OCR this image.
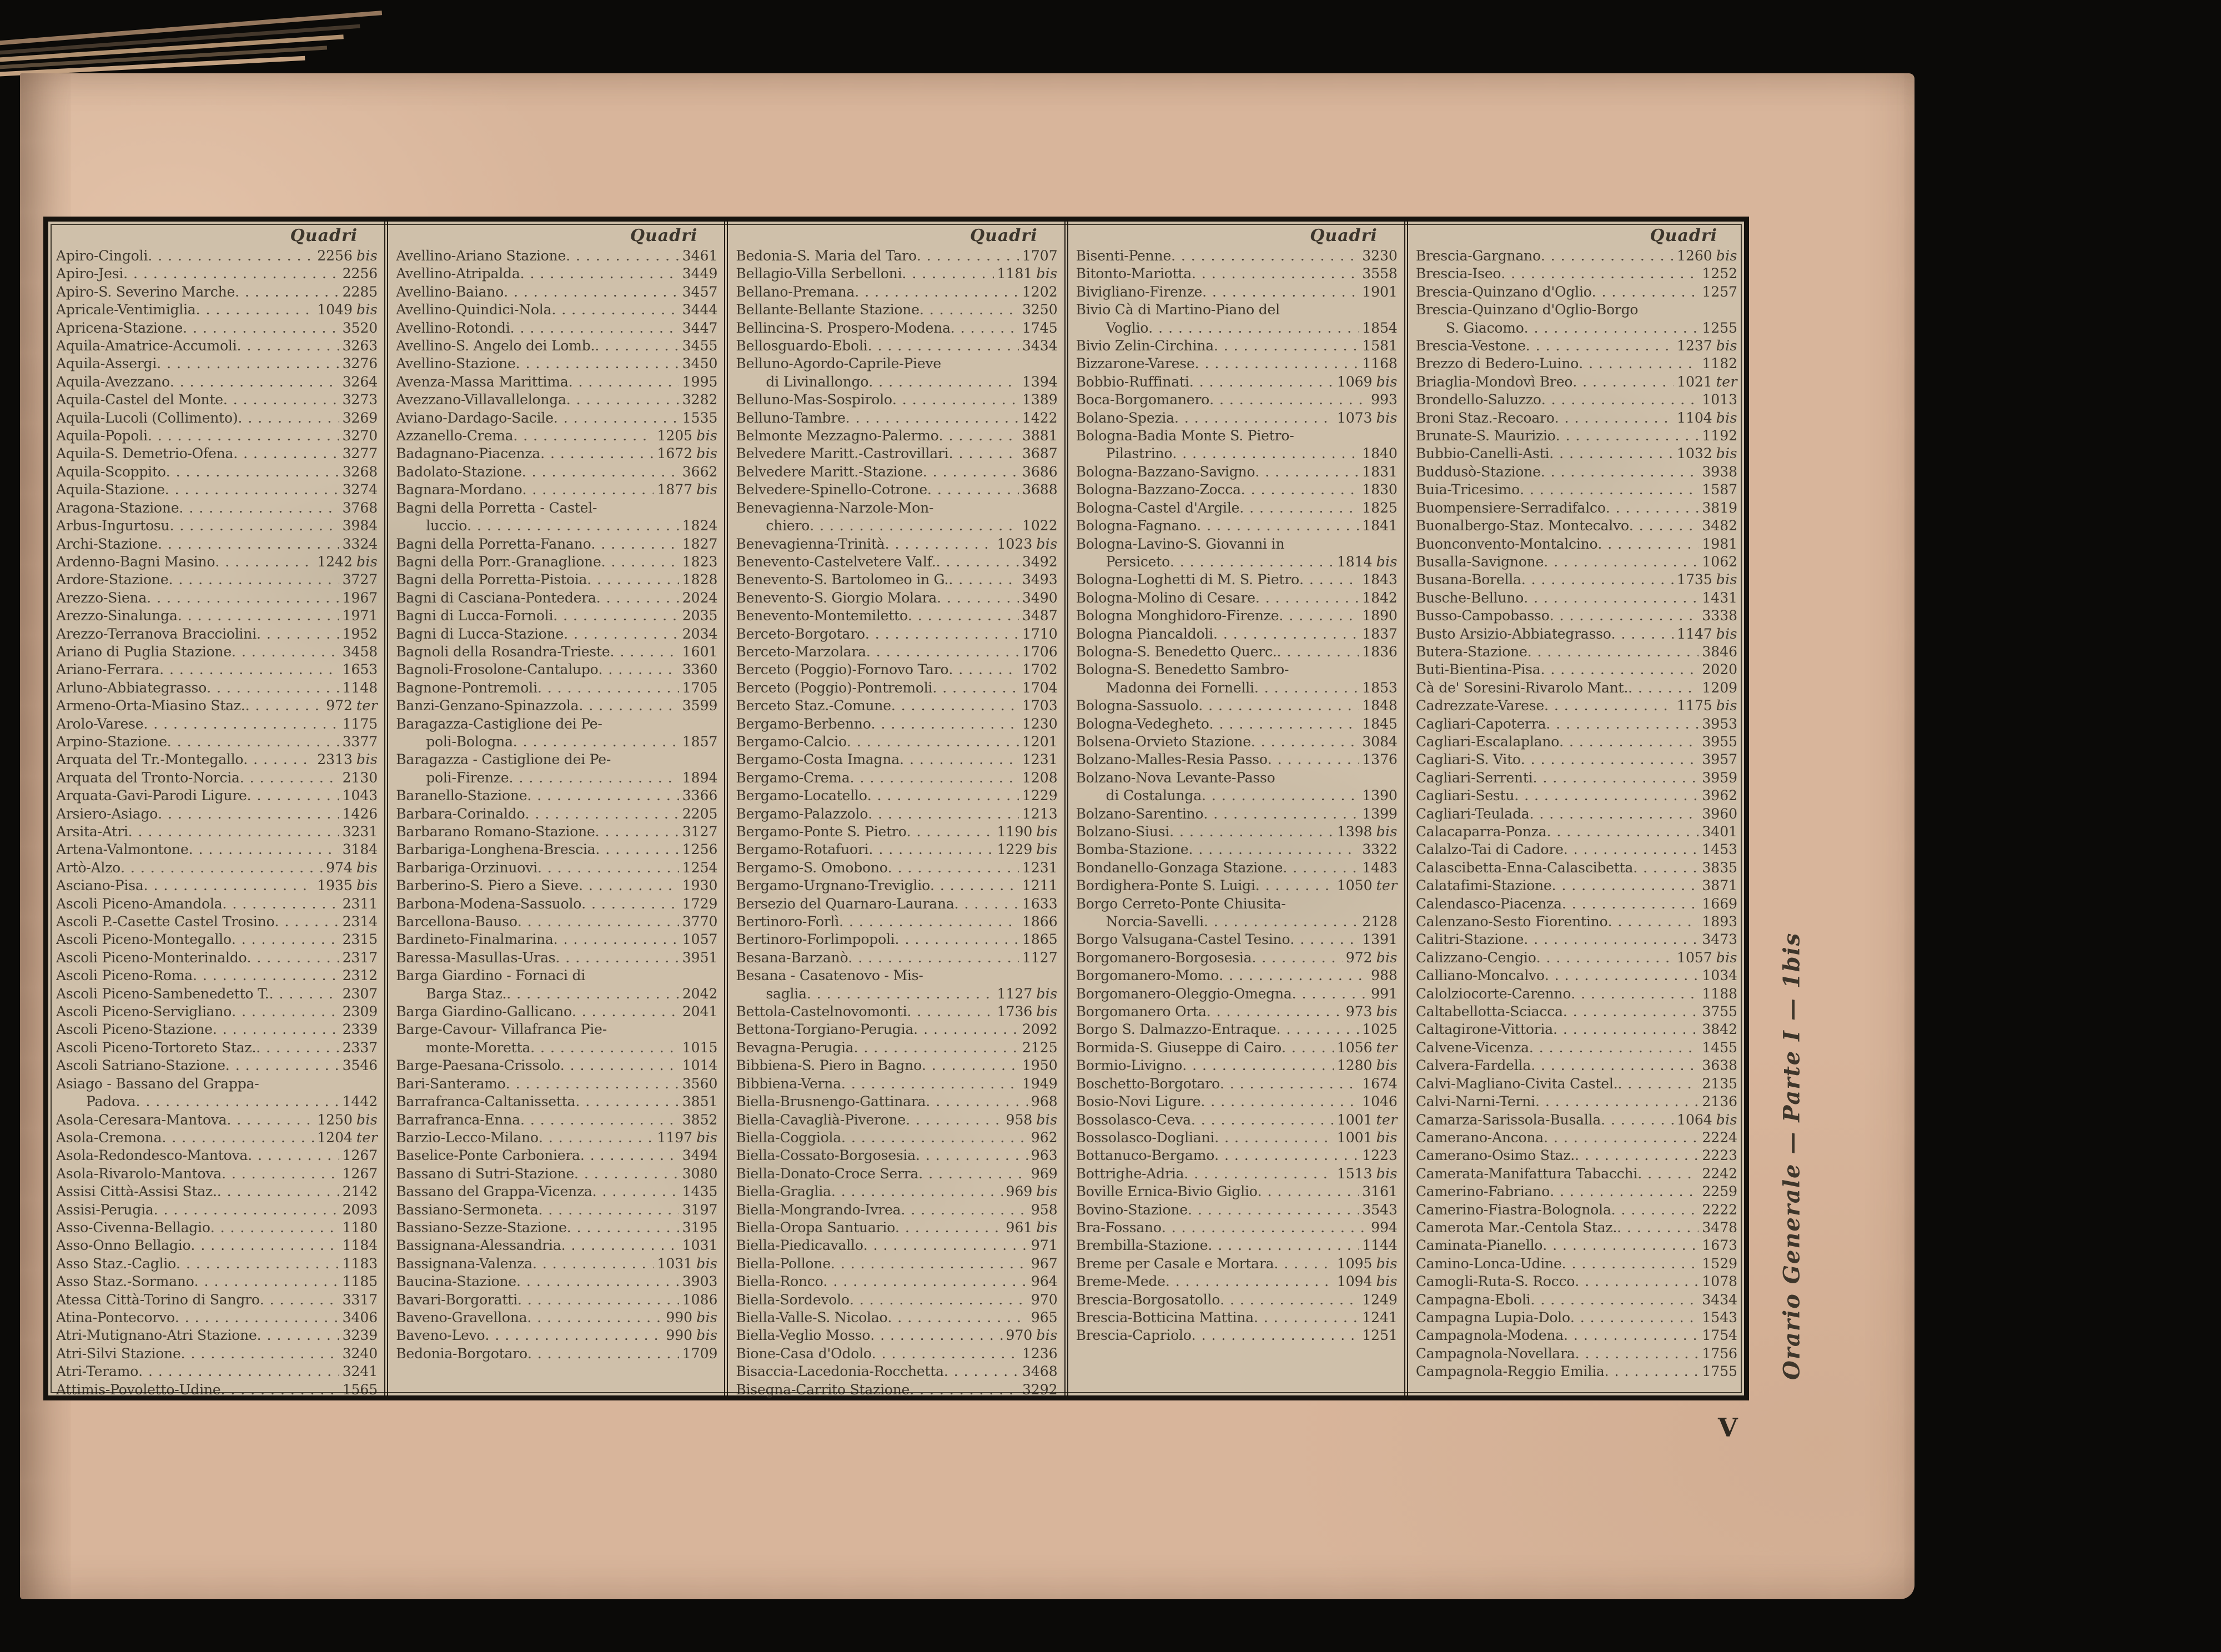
Quadri
Apiro-Cingoli . . .	2256 bis
Apiro-Jesi . . .	2256
Apiro-S. Severino Marche . . .	2285
Apricale-Ventimiglia . . .	1049 bis
Apricena-Stazione . . .	3520
Aquila-Amatrice-Accumoli . . .	3263
Aquila-Assergi . . .	3276
Aquila-Avezzano . . .	3264
Aquila-Castel del Monte . . .	3273
Aquila-Lucoli (Collimento) . . .	3269
Aquila-Popoli . . .	3270
Aquila-S. Demetrio-Ofena . . .	3277
Aquila-Scoppito . . .	3268
Aquila-Stazione . . .	3274
Aragona-Stazione . . .	3768
Arbus-Ingurtosu . . .	3984
Archi-Stazione . . .	3324
Ardenno-Bagni Masino . . .	1242 bis
Ardore-Stazione . . .	3727
Arezzo-Siena . . .	1967
Arezzo-Sinalunga . . .	1971
Arezzo-Terranova Bracciolini . . .	1952
Ariano di Puglia Stazione . . .	3458
Ariano-Ferrara . . .	1653
Arluno-Abbiategrasso . . .	1148
Armeno-Orta-Miasino Staz. . . .	972 ter
Arolo-Varese . . .	1175
Arpino-Stazione . . .	3377
Arquata del Tr.-Montegallo . . .	2313 bis
Arquata del Tronto-Norcia . . .	2130
Arquata-Gavi-Parodi Ligure . . .	1043
Arsiero-Asiago . . .	1426
Arsita-Atri . . .	3231
Artena-Valmontone . . .	3184
Artò-Alzo . . .	974 bis
Asciano-Pisa . . .	1935 bis
Ascoli Piceno-Amandola . . .	2311
Ascoli P.-Casette Castel Trosino . . .	2314
Ascoli Piceno-Montegallo . . .	2315
Ascoli Piceno-Monterinaldo . . .	2317
Ascoli Piceno-Roma . . .	2312
Ascoli Piceno-Sambenedetto T. . . .	2307
Ascoli Piceno-Servigliano . . .	2309
Ascoli Piceno-Stazione . . .	2339
Ascoli Piceno-Tortoreto Staz. . . .	2337
Ascoli Satriano-Stazione . . .	3546
Asiago - Bassano del Grappa-
Padova . . .	1442
Asola-Ceresara-Mantova . . .	1250 bis
Asola-Cremona . . .	1204 ter
Asola-Redondesco-Mantova . . .	1267
Asola-Rivarolo-Mantova . . .	1267
Assisi Città-Assisi Staz. . . .	2142
Assisi-Perugia . . .	2093
Asso-Civenna-Bellagio . . .	1180
Asso-Onno Bellagio . . .	1184
Asso Staz.-Caglio . . .	1183
Asso Staz.-Sormano . . .	1185
Atessa Città-Torino di Sangro . . .	3317
Atina-Pontecorvo . . .	3406
Atri-Mutignano-Atri Stazione . . .	3239
Atri-Silvi Stazione . . .	3240
Atri-Teramo . . .	3241
Attimis-Povoletto-Udine . . .	1565
Quadri
Avellino-Ariano Stazione . . .	3461
Avellino-Atripalda . . .	3449
Avellino-Baiano . . .	3457
Avellino-Quindici-Nola . . .	3444
Avellino-Rotondi . . .	3447
Avellino-S. Angelo dei Lomb. . . .	3455
Avellino-Stazione . . .	3450
Avenza-Massa Marittima . . .	1995
Avezzano-Villavallelonga . . .	3282
Aviano-Dardago-Sacile . . .	1535
Azzanello-Crema . . .	1205 bis
Badagnano-Piacenza . . .	1672 bis
Badolato-Stazione . . .	3662
Bagnara-Mordano . . .	1877 bis
Bagni della Porretta - Castel-
luccio . . .	1824
Bagni della Porretta-Fanano . . .	1827
Bagni della Porr.-Granaglione . . .	1823
Bagni della Porretta-Pistoia . . .	1828
Bagni di Casciana-Pontedera . . .	2024
Bagni di Lucca-Fornoli . . .	2035
Bagni di Lucca-Stazione . . .	2034
Bagnoli della Rosandra-Trieste . . .	1601
Bagnoli-Frosolone-Cantalupo . . .	3360
Bagnone-Pontremoli . . .	1705
Banzi-Genzano-Spinazzola . . .	3599
Baragazza-Castiglione dei Pe-
poli-Bologna . . .	1857
Baragazza - Castiglione dei Pe-
poli-Firenze . . .	1894
Baranello-Stazione . . .	3366
Barbara-Corinaldo . . .	2205
Barbarano Romano-Stazione . . .	3127
Barbariga-Longhena-Brescia . . .	1256
Barbariga-Orzinuovi . . .	1254
Barberino-S. Piero a Sieve . . .	1930
Barbona-Modena-Sassuolo . . .	1729
Barcellona-Bauso . . .	3770
Bardineto-Finalmarina . . .	1057
Baressa-Masullas-Uras . . .	3951
Barga Giardino - Fornaci di
Barga Staz. . . .	2042
Barga Giardino-Gallicano . . .	2041
Barge-Cavour- Villafranca Pie-
monte-Moretta . . .	1015
Barge-Paesana-Crissolo . . .	1014
Bari-Santeramo . . .	3560
Barrafranca-Caltanissetta . . .	3851
Barrafranca-Enna . . .	3852
Barzio-Lecco-Milano . . .	1197 bis
Baselice-Ponte Carboniera . . .	3494
Bassano di Sutri-Stazione . . .	3080
Bassano del Grappa-Vicenza . . .	1435
Bassiano-Sermoneta . . .	3197
Bassiano-Sezze-Stazione . . .	3195
Bassignana-Alessandria . . .	1031
Bassignana-Valenza . . .	1031 bis
Baucina-Stazione . . .	3903
Bavari-Borgoratti . . .	1086
Baveno-Gravellona . . .	990 bis
Baveno-Levo . . .	990 bis
Bedonia-Borgotaro . . .	1709
Quadri
Bedonia-S. Maria del Taro . . .	1707
Bellagio-Villa Serbelloni . . .	1181 bis
Bellano-Premana . . .	1202
Bellante-Bellante Stazione . . .	3250
Bellincina-S. Prospero-Modena . . .	1745
Bellosguardo-Eboli . . .	3434
Belluno-Agordo-Caprile-Pieve
di Livinallongo . . .	1394
Belluno-Mas-Sospirolo . . .	1389
Belluno-Tambre . . .	1422
Belmonte Mezzagno-Palermo . . .	3881
Belvedere Maritt.-Castrovillari . . .	3687
Belvedere Maritt.-Stazione . . .	3686
Belvedere-Spinello-Cotrone . . .	3688
Benevagienna-Narzole-Mon-
chiero . . .	1022
Benevagienna-Trinità . . .	1023 bis
Benevento-Castelvetere Valf. . . .	3492
Benevento-S. Bartolomeo in G. . . .	3493
Benevento-S. Giorgio Molara . . .	3490
Benevento-Montemiletto . . .	3487
Berceto-Borgotaro . . .	1710
Berceto-Marzolara . . .	1706
Berceto (Poggio)-Fornovo Taro . . .	1702
Berceto (Poggio)-Pontremoli . . .	1704
Berceto Staz.-Comune . . .	1703
Bergamo-Berbenno . . .	1230
Bergamo-Calcio . . .	1201
Bergamo-Costa Imagna . . .	1231
Bergamo-Crema . . .	1208
Bergamo-Locatello . . .	1229
Bergamo-Palazzolo . . .	1213
Bergamo-Ponte S. Pietro . . .	1190 bis
Bergamo-Rotafuori . . .	1229 bis
Bergamo-S. Omobono . . .	1231
Bergamo-Urgnano-Treviglio . . .	1211
Bersezio del Quarnaro-Laurana . . .	1633
Bertinoro-Forlì . . .	1866
Bertinoro-Forlimpopoli . . .	1865
Besana-Barzanò . . .	1127
Besana - Casatenovo - Mis-
saglia . . .	1127 bis
Bettola-Castelnovomonti . . .	1736 bis
Bettona-Torgiano-Perugia . . .	2092
Bevagna-Perugia . . .	2125
Bibbiena-S. Piero in Bagno . . .	1950
Bibbiena-Verna . . .	1949
Biella-Brusnengo-Gattinara . . .	968
Biella-Cavaglià-Piverone . . .	958 bis
Biella-Coggiola . . .	962
Biella-Cossato-Borgosesia . . .	963
Biella-Donato-Croce Serra . . .	969
Biella-Graglia . . .	969 bis
Biella-Mongrando-Ivrea . . .	958
Biella-Oropa Santuario . . .	961 bis
Biella-Piedicavallo . . .	971
Biella-Pollone . . .	967
Biella-Ronco . . .	964
Biella-Sordevolo . . .	970
Biella-Valle-S. Nicolao . . .	965
Biella-Veglio Mosso . . .	970 bis
Bione-Casa d'Odolo . . .	1236
Bisaccia-Lacedonia-Rocchetta . . .	3468
Bisegna-Carrito Stazione . . .	3292
Quadri
Bisenti-Penne . . .	3230
Bitonto-Mariotta . . .	3558
Bivigliano-Firenze . . .	1901
Bivio Cà di Martino-Piano del
Voglio . . .	1854
Bivio Zelin-Circhina . . .	1581
Bizzarone-Varese . . .	1168
Bobbio-Ruffinati . . .	1069 bis
Boca-Borgomanero . . .	993
Bolano-Spezia . . .	1073 bis
Bologna-Badia Monte S. Pietro-
Pilastrino . . .	1840
Bologna-Bazzano-Savigno . . .	1831
Bologna-Bazzano-Zocca . . .	1830
Bologna-Castel d'Argile . . .	1825
Bologna-Fagnano . . .	1841
Bologna-Lavino-S. Giovanni in
Persiceto . . .	1814 bis
Bologna-Loghetti di M. S. Pietro . . .	1843
Bologna-Molino di Cesare . . .	1842
Bologna Monghidoro-Firenze . . .	1890
Bologna Piancaldoli . . .	1837
Bologna-S. Benedetto Querc. . . .	1836
Bologna-S. Benedetto Sambro-
Madonna dei Fornelli . . .	1853
Bologna-Sassuolo . . .	1848
Bologna-Vedegheto . . .	1845
Bolsena-Orvieto Stazione . . .	3084
Bolzano-Malles-Resia Passo . . .	1376
Bolzano-Nova Levante-Passo
di Costalunga . . .	1390
Bolzano-Sarentino . . .	1399
Bolzano-Siusi . . .	1398 bis
Bomba-Stazione . . .	3322
Bondanello-Gonzaga Stazione . . .	1483
Bordighera-Ponte S. Luigi . . .	1050 ter
Borgo Cerreto-Ponte Chiusita-
Norcia-Savelli . . .	2128
Borgo Valsugana-Castel Tesino . . .	1391
Borgomanero-Borgosesia . . .	972 bis
Borgomanero-Momo . . .	988
Borgomanero-Oleggio-Omegna . . .	991
Borgomanero Orta . . .	973 bis
Borgo S. Dalmazzo-Entraque . . .	1025
Bormida-S. Giuseppe di Cairo . . .	1056 ter
Bormio-Livigno . . .	1280 bis
Boschetto-Borgotaro . . .	1674
Bosio-Novi Ligure . . .	1046
Bossolasco-Ceva . . .	1001 ter
Bossolasco-Dogliani . . .	1001 bis
Bottanuco-Bergamo . . .	1223
Bottrighe-Adria . . .	1513 bis
Boville Ernica-Bivio Giglio . . .	3161
Bovino-Stazione . . .	3543
Bra-Fossano . . .	994
Brembilla-Stazione . . .	1144
Breme per Casale e Mortara . . .	1095 bis
Breme-Mede . . .	1094 bis
Brescia-Borgosatollo . . .	1249
Brescia-Botticina Mattina . . .	1241
Brescia-Capriolo . . .	1251
Quadri
Brescia-Gargnano . . .	1260 bis
Brescia-Iseo . . .	1252
Brescia-Quinzano d'Oglio . . .	1257
Brescia-Quinzano d'Oglio-Borgo
S. Giacomo . . .	1255
Brescia-Vestone . . .	1237 bis
Brezzo di Bedero-Luino . . .	1182
Briaglia-Mondovì Breo . . .	1021 ter
Brondello-Saluzzo . . .	1013
Broni Staz.-Recoaro . . .	1104 bis
Brunate-S. Maurizio . . .	1192
Bubbio-Canelli-Asti . . .	1032 bis
Buddusò-Stazione . . .	3938
Buia-Tricesimo . . .	1587
Buompensiere-Serradifalco . . .	3819
Buonalbergo-Staz. Montecalvo . . .	3482
Buonconvento-Montalcino . . .	1981
Busalla-Savignone . . .	1062
Busana-Borella . . .	1735 bis
Busche-Belluno . . .	1431
Busso-Campobasso . . .	3338
Busto Arsizio-Abbiategrasso . . .	1147 bis
Butera-Stazione . . .	3846
Buti-Bientina-Pisa . . .	2020
Cà de' Soresini-Rivarolo Mant. . . .	1209
Cadrezzate-Varese . . .	1175 bis
Cagliari-Capoterra . . .	3953
Cagliari-Escalaplano . . .	3955
Cagliari-S. Vito . . .	3957
Cagliari-Serrenti . . .	3959
Cagliari-Sestu . . .	3962
Cagliari-Teulada . . .	3960
Calacaparra-Ponza . . .	3401
Calalzo-Tai di Cadore . . .	1453
Calascibetta-Enna-Calascibetta . . .	3835
Calatafimi-Stazione . . .	3871
Calendasco-Piacenza . . .	1669
Calenzano-Sesto Fiorentino . . .	1893
Calitri-Stazione . . .	3473
Calizzano-Cengio . . .	1057 bis
Calliano-Moncalvo . . .	1034
Calolziocorte-Carenno . . .	1188
Caltabellotta-Sciacca . . .	3755
Caltagirone-Vittoria . . .	3842
Calvene-Vicenza . . .	1455
Calvera-Fardella . . .	3638
Calvi-Magliano-Civita Castel. . . .	2135
Calvi-Narni-Terni . . .	2136
Camarza-Sarissola-Busalla . . .	1064 bis
Camerano-Ancona . . .	2224
Camerano-Osimo Staz. . . .	2223
Camerata-Manifattura Tabacchi . . .	2242
Camerino-Fabriano . . .	2259
Camerino-Fiastra-Bolognola . . .	2222
Camerota Mar.-Centola Staz. . . .	3478
Caminata-Pianello . . .	1673
Camino-Lonca-Udine . . .	1529
Camogli-Ruta-S. Rocco . . .	1078
Campagna-Eboli . . .	3434
Campagna Lupia-Dolo . . .	1543
Campagnola-Modena . . .	1754
Campagnola-Novellara . . .	1756
Campagnola-Reggio Emilia . . .	1755 Orario Generale — Parte I — 1bis
V
